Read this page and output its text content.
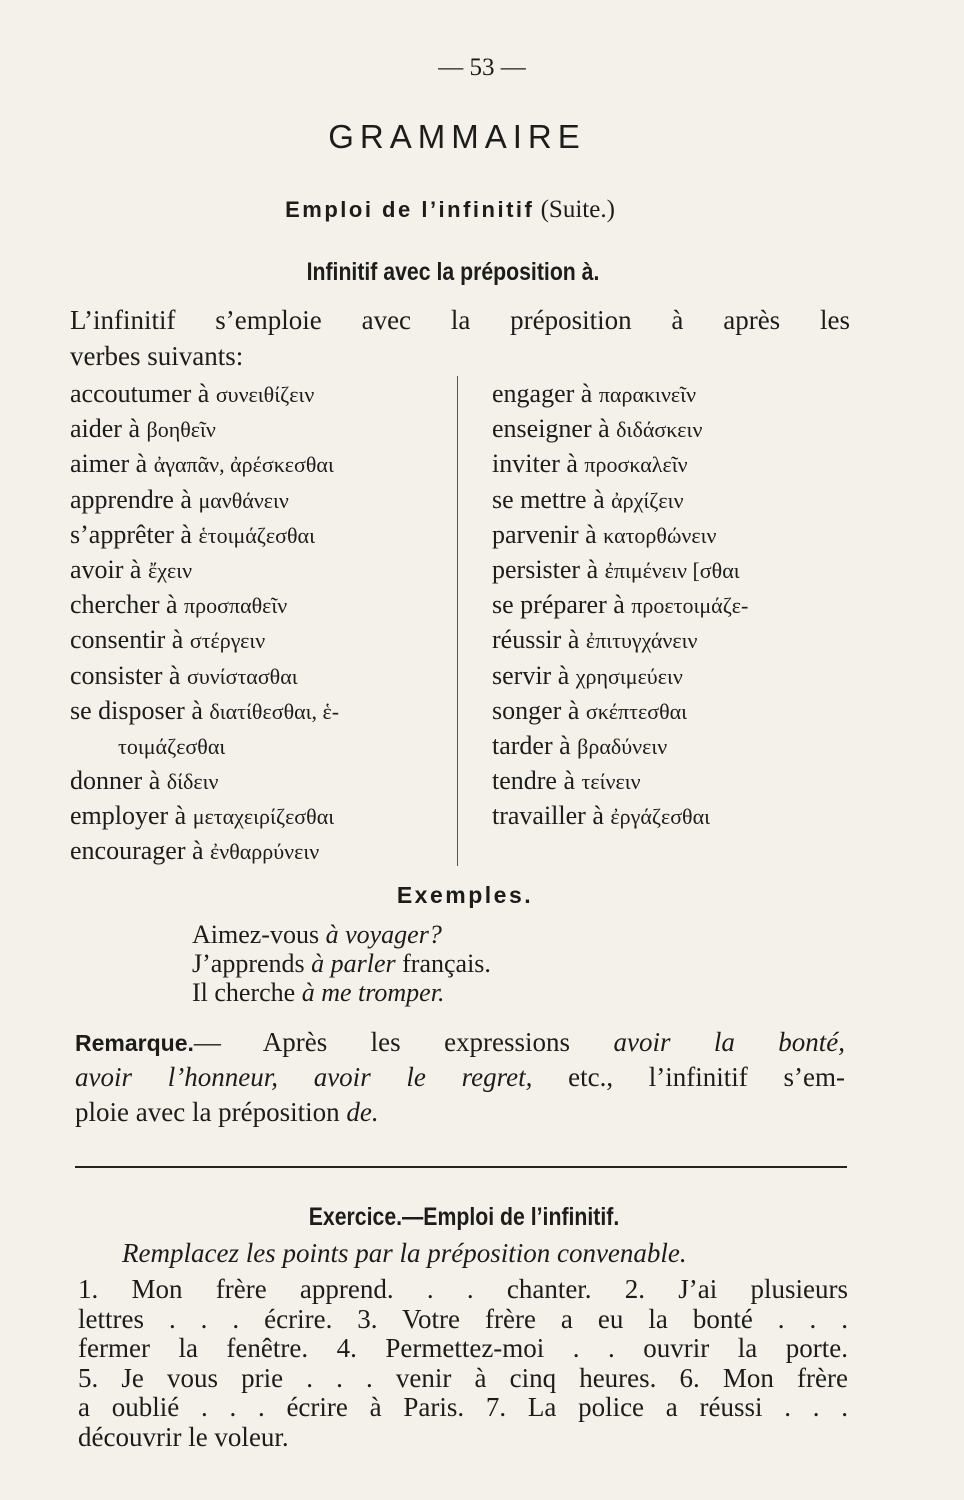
— 53 —
GRAMMAIRE
Emploi de l’infinitif (Suite.)
Infinitif avec la préposition à.
L’infinitif s’emploie avec la préposition à après les
verbes suivants:
accoutumer à συνειθίζειν
aider à βοηθεῖν
aimer à ἀγαπᾶν, ἀρέσκεσθαι
apprendre à μανθάνειν
s’apprêter à ἑτοιμάζεσθαι
avoir à ἔχειν
chercher à προσπαθεῖν
consentir à στέργειν
consister à συνίστασθαι
se disposer à διατίθεσθαι, ἑ-
τοιμάζεσθαι
donner à δίδειν
employer à μεταχειρίζεσθαι
encourager à ἐνθαρρύνειν
engager à παρακινεῖν
enseigner à διδάσκειν
inviter à προσκαλεῖν
se mettre à ἀρχίζειν
parvenir à κατορθώνειν
persister à ἐπιμένειν [σθαι
se préparer à προετοιμάζε-
réussir à ἐπιτυγχάνειν
servir à χρησιμεύειν
songer à σκέπτεσθαι
tarder à βραδύνειν
tendre à τείνειν
travailler à ἐργάζεσθαι
Exemples.
Aimez-vous à voyager?
J’apprends à parler français.
Il cherche à me tromper.
Remarque.— Après les expressions avoir la bonté,
avoir l’honneur, avoir le regret, etc., l’infinitif s’em-
ploie avec la préposition de.
Exercice.—Emploi de l’infinitif.
Remplacez les points par la préposition convenable.
1. Mon frère apprend. . . chanter. 2. J’ai plusieurs
lettres . . . écrire. 3. Votre frère a eu la bonté . . .
fermer la fenêtre. 4. Permettez-moi . . ouvrir la porte.
5. Je vous prie . . . venir à cinq heures. 6. Mon frère
a oublié . . . écrire à Paris. 7. La police a réussi . . .
découvrir le voleur.
